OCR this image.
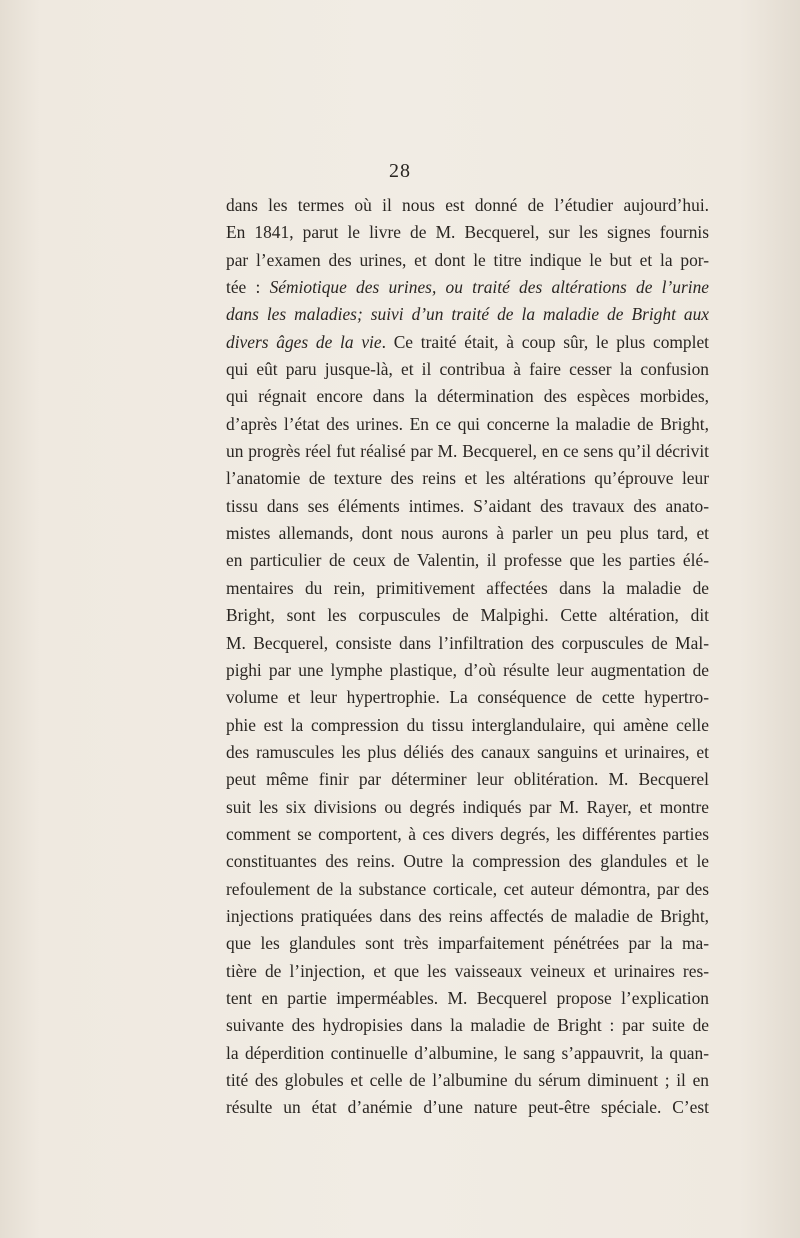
28
dans les termes où il nous est donné de l’étudier aujourd’hui.
En 1841, parut le livre de M. Becquerel, sur les signes fournis
par l’examen des urines, et dont le titre indique le but et la por-
tée : Sémiotique des urines, ou traité des altérations de l’urine
dans les maladies; suivi d’un traité de la maladie de Bright aux
divers âges de la vie. Ce traité était, à coup sûr, le plus complet
qui eût paru jusque-là, et il contribua à faire cesser la confusion
qui régnait encore dans la détermination des espèces morbides,
d’après l’état des urines. En ce qui concerne la maladie de Bright,
un progrès réel fut réalisé par M. Becquerel, en ce sens qu’il décrivit
l’anatomie de texture des reins et les altérations qu’éprouve leur
tissu dans ses éléments intimes. S’aidant des travaux des anato-
mistes allemands, dont nous aurons à parler un peu plus tard, et
en particulier de ceux de Valentin, il professe que les parties élé-
mentaires du rein, primitivement affectées dans la maladie de
Bright, sont les corpuscules de Malpighi. Cette altération, dit
M. Becquerel, consiste dans l’infiltration des corpuscules de Mal-
pighi par une lymphe plastique, d’où résulte leur augmentation de
volume et leur hypertrophie. La conséquence de cette hypertro-
phie est la compression du tissu interglandulaire, qui amène celle
des ramuscules les plus déliés des canaux sanguins et urinaires, et
peut même finir par déterminer leur oblitération. M. Becquerel
suit les six divisions ou degrés indiqués par M. Rayer, et montre
comment se comportent, à ces divers degrés, les différentes parties
constituantes des reins. Outre la compression des glandules et le
refoulement de la substance corticale, cet auteur démontra, par des
injections pratiquées dans des reins affectés de maladie de Bright,
que les glandules sont très imparfaitement pénétrées par la ma-
tière de l’injection, et que les vaisseaux veineux et urinaires res-
tent en partie imperméables. M. Becquerel propose l’explication
suivante des hydropisies dans la maladie de Bright : par suite de
la déperdition continuelle d’albumine, le sang s’appauvrit, la quan-
tité des globules et celle de l’albumine du sérum diminuent ; il en
résulte un état d’anémie d’une nature peut-être spéciale. C’est
